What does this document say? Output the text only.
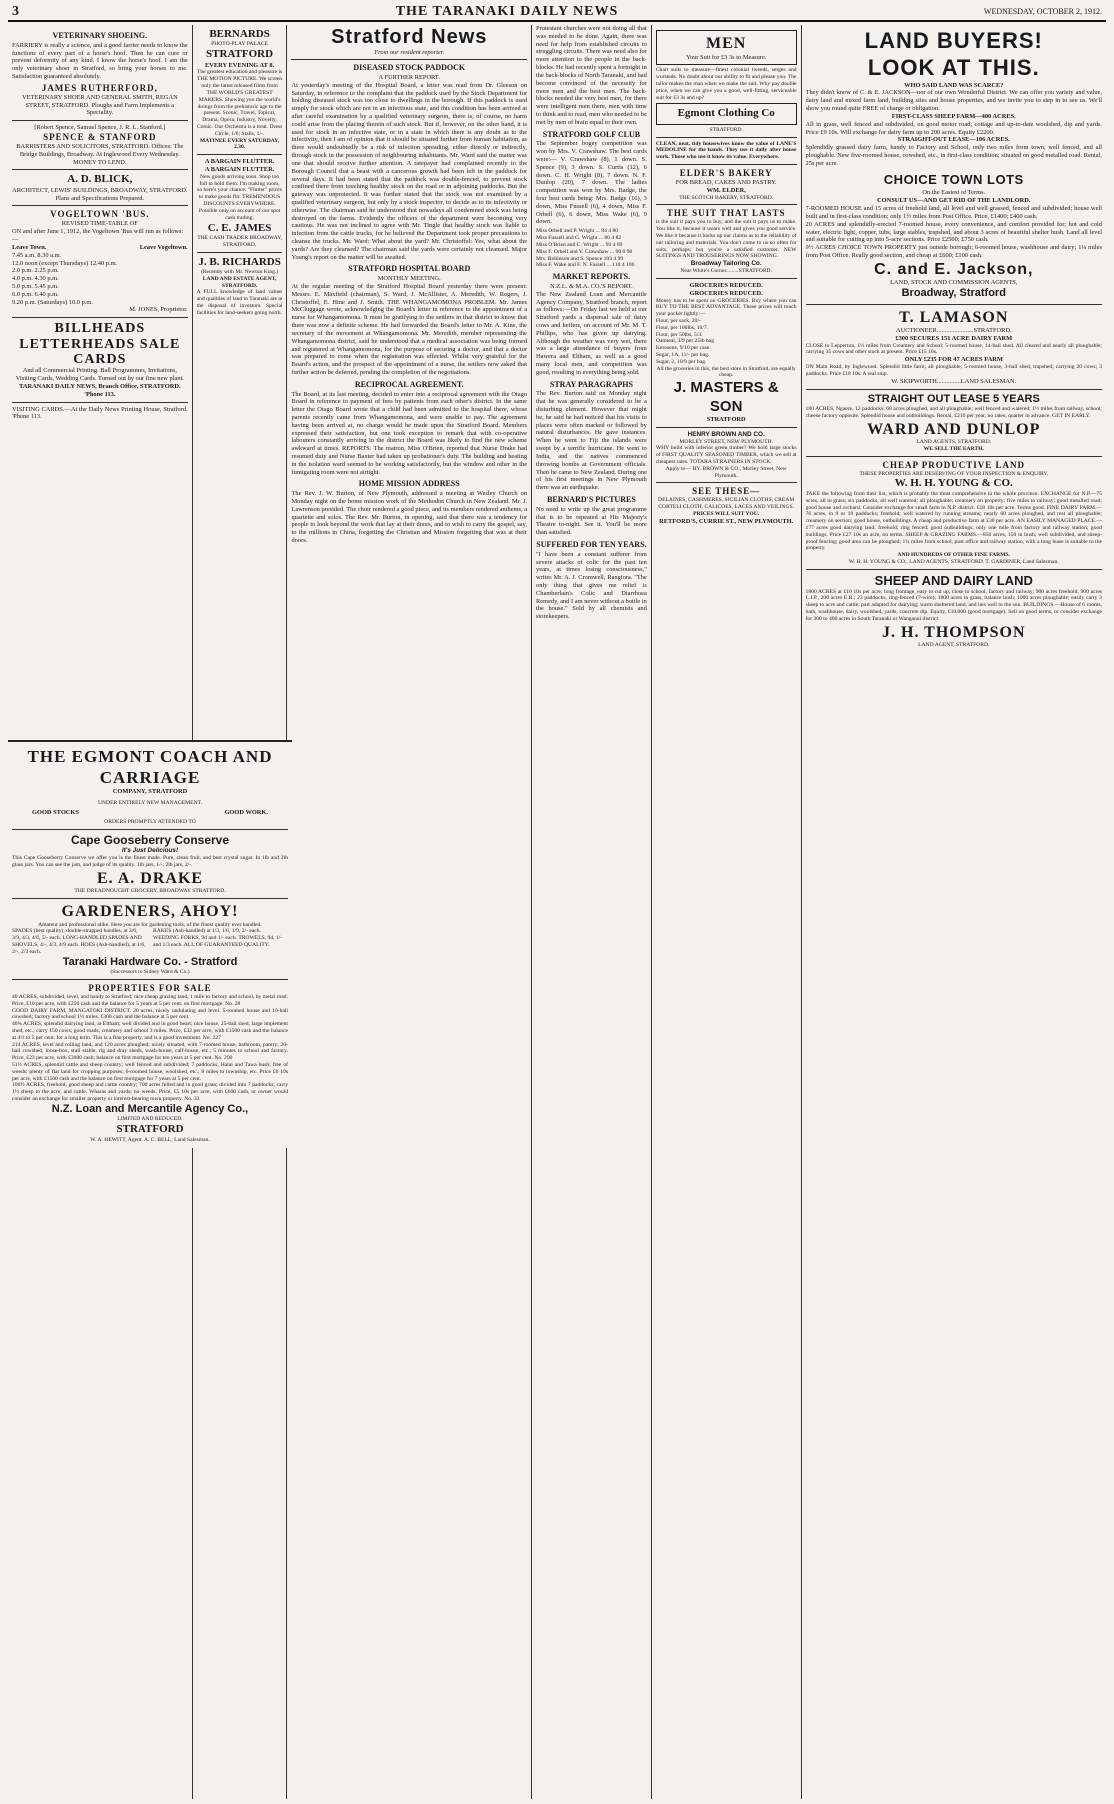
3	THE TARANAKI DAILY NEWS	WEDNESDAY, OCTOBER 2, 1912.
VETERINARY SHOEING.
FARRIERY is really a science, and a good farrier needs to know the functions of every part of a horse's hoof. Then he can cure or prevent deformity of any kind. I know the horse's hoof. I am the only veterinary shoer in Stratford, so bring your horses to me. Satisfaction guaranteed absolutely.
JAMES RUTHERFORD,
VETERINARY SHOER AND GENERAL SMITH, REGAN STREET, STRATFORD. Ploughs and Farm Implements a Speciality.
[Robert Spence, Samuel Spence, J. R. L. Stanford.]
SPENCE & STANFORD
BARRISTERS AND SOLICITORS, STRATFORD. Offices: The Bridge Buildings, Broadway. At Inglewood Every Wednesday. MONEY TO LEND.
A. D. BLICK,
ARCHITECT, LEWIS' BUILDINGS, BROADWAY, STRATFORD. Plans and Specifications Prepared.
VOGELTOWN 'BUS.
REVISED TIME-TABLE OF
ON and after June 1, 1912, the Vogeltown 'Bus will run as follows:—
Leave Town.	Leave Vogeltown.
7.45 a.m. 8.30 a.m.
12.0 noon (except Thursdays) 12.40 p.m.
2.0 p.m. 2.25 p.m.
4.0 p.m. 4.30 p.m.
5.0 p.m. 5.45 p.m.
6.0 p.m. 6.40 p.m.
9.20 p.m. (Saturdays) 10.0 p.m.
M. JONES, Proprietor.
BILLHEADS LETTERHEADS SALE CARDS
And all Commercial Printing. Ball Programmes, Invitations, Visiting Cards, Wedding Cards. Turned out by our fine new plant.
TARANAKI DAILY NEWS, Branch Office, STRATFORD. 'Phone 113.
VISITING CARDS.—At the Daily News Printing House, Stratford. 'Phone 113.
BERNARDS
PHOTO-PLAY PALACE
STRATFORD
EVERY EVENING AT 8.
The greatest education and pleasure is THE MOTION PICTURE. We screen only the latest released films from THE WORLD'S GREATEST MAKERS. Showing you the world's doings from the prehistoric age to the present. Scenic, Travel, Topical, Drama, Opera, Industry, Novelty, Comic. Our Orchestra is a treat. Dress Circle, 1/6; Stalls, 1/-.
MATINEE EVERY SATURDAY, 2.30.
A BARGAIN FLUTTER.
A BARGAIN FLUTTER.
New goods arriving soon. Shop too full to hold them. I'm making room, so here's your chance. "Flutter" prices to make goods flit. TREMENDOUS DISCOUNTS EVERYWHERE. Possible only on account of our spot cash trading.
C. E. JAMES
THE CASH TRADER BROADWAY, STRATFORD.
J. B. RICHARDS
(Recently with Mr. Newton King.)
LAND AND ESTATE AGENT, STRATFORD.
A FULL knowledge of land values and qualities of land in Taranaki are at the disposal of investors. Special facilities for land-seekers going north.
Stratford News
From our resident reporter.
DISEASED STOCK PADDOCK
A FURTHER REPORT.
At yesterday's meeting of the Hospital Board, a letter was read from Dr. Gleeson on Saturday, in reference to the complaint that the paddock used by the Stock Department for holding diseased stock was too close to dwellings in the borough. If this paddock is used simply for stock which are not in an infectious state, and this condition has been arrived at after careful examination by a qualified veterinary surgeon, there is, of course, no harm could arise from the placing therein of such stock. But if, however, on the other hand, it is used for stock in an infective state, or in a state in which there is any doubt as to the infectivity, then I am of opinion that it should be situated further from human habitation, as there would undoubtedly be a risk of infection spreading, either directly or indirectly, through stock in the possession of neighbouring inhabitants. Mr. Ward said the matter was one that should receive further attention. A ratepayer had complained recently to the Borough Council that a beast with a cancerous growth had been left in the paddock for several days. It had been stated that the paddock was double-fenced, to prevent stock confined there from touching healthy stock on the road or in adjoining paddocks. But the gateway was unprotected. It was further stated that the stock was not examined by a qualified veterinary surgeon, but only by a stock inspector, to decide as to its infectivity or otherwise. The chairman said he understood that nowadays all condemned stock was being destroyed on the farms. Evidently the officers of the department were becoming very cautious. He was not inclined to agree with Mr. Tingle that healthy stock was liable to infection from the cattle trucks, for he believed the Department took proper precautions to cleanse the trucks. Mr. Ward: What about the yard? Mr. Christoffel: Yes, what about the yards? Are they cleansed? The chairman said the yards were certainly not cleansed. Major Young's report on the matter will be awaited.
STRATFORD HOSPITAL BOARD
MONTHLY MEETING.
At the regular meeting of the Stratford Hospital Board yesterday there were present: Messrs. E. Maxfield (chairman), S. Ward, J. McAllister, A. Meredith, W. Rogers, J. Christoffel, E. Hine and J. Smith. THE WHANGAMOMONA PROBLEM. Mr. James McCluggage wrote, acknowledging the Board's letter in reference to the appointment of a nurse for Whangamomona. It must be gratifying to the settlers in that district to know that there was now a definite scheme. He had forwarded the Board's letter to Mr. A. Kine, the secretary of the movement at Whangamomona. Mr. Meredith, member representing the Whangamomona district, said he understood that a medical association was being formed and registered at Whangamomona, for the purpose of securing a doctor, and that a doctor was prepared to come when the registration was effected. Whilst very grateful for the Board's action, and the prospect of the appointment of a nurse, the settlers now asked that further action be deferred, pending the completion of the negotiations.
RECIPROCAL AGREEMENT.
The Board, at its last meeting, decided to enter into a reciprocal agreement with the Otago Board in reference to payment of fees by patients from each other's district. In the same letter the Otago Board wrote that a child had been admitted to the hospital there, whose parents recently came from Whangamomona, and were unable to pay. The agreement having been arrived at, no charge would be made upon the Stratford Board. Members expressed their satisfaction, but one took exception to remark that with co-operative labourers constantly arriving in the district the Board was likely to find the new scheme awkward at times. REPORTS. The matron, Miss O'Brien, reported that Nurse Drake had resumed duty and Nurse Baxter had taken up probationer's duty. The building and heating in the isolation ward seemed to be working satisfactorily, but the window and other in the fumigating room were not airtight.
HOME MISSION ADDRESS
The Rev. J. W. Burton, of New Plymouth, addressed a meeting at Wesley Church on Monday night on the home mission work of the Methodist Church in New Zealand. Mr. J. Lawrenson presided. The choir rendered a good piece, and its members rendered anthems, a quartette and solos. The Rev. Mr. Burton, in opening, said that there was a tendency for people to look beyond the work that lay at their doors, and to wish to carry the gospel, say, to the millions in China, forgetting the Christian and Mission forgetting that was at their doors.
Protestant churches were not doing all that was needed to be done. Again, there was need for help from established circuits to struggling circuits. There was need also for more attention to the people in the back-blocks. He had recently spent a fortnight in the back-blocks of North Taranaki, and had become convinced of the necessity for more men and the best men. The back-blocks needed the very best men, for there were intelligent men there, men with time to think and to read, men who needed to be met by men of brain equal to their own.
STRATFORD GOLF CLUB
The September bogey competition was won by Mrs. V. Crawshaw. The best cards were:— V. Crawshaw (8), 1 down. S. Spence (9), 3 down. S. Curtis (12), 6 down. C. H. Wright (8), 7 down. N. F. Dunlop (20), 7 down. The ladies competition was won by Mrs. Badge, the four best cards being: Mrs. Badge (16), 3 down, Miss Fussell (6), 4 down, Miss F. Orbell (6), 6 down, Miss Wake (6), 9 down.
Miss Orbell and P. Wright ... 84 4 80
Miss Fussell and G. Wright ... 86 4 82
Miss O'Brien and C. Wright ... 93 4 89
Miss F. Orbell and V. Crawshaw ... 90 0 90
Mrs. Robinson and S. Spence 103 4 99
Miss F. Wake and F. N. Fussell ... 110 4 106
MARKET REPORTS.
N.Z.L. & M.A. CO.'S REPORT.
The New Zealand Loan and Mercantile Agency Company, Stratford branch, report as follows:—On Friday last we held at our Stratford yards a dispersal sale of dairy cows and heifers, on account of Mr. M. T. Phillips, who has given up dairying. Although the weather was very wet, there was a large attendance of buyers from Hawera and Eltham, as well as a good many local men, and competition was good, resulting in everything being sold.
STRAY PARAGRAPHS
The Rev. Burton said on Monday night that he was generally considered to be a disturbing element. However that might be, he said he had noticed that his visits to places were often marked or followed by natural disturbances. He gave instances. When he went to Fiji the islands were swept by a terrific hurricane. He went to India, and the natives commenced throwing bombs at Government officials. Then he came to New Zealand. During one of his first meetings in New Plymouth there was an earthquake.
BERNARD'S PICTURES
No need to write up the great programme that is to be repeated at His Majesty's Theatre to-night. See it. You'll be more than satisfied.
SUFFERED FOR TEN YEARS.
"I have been a constant sufferer from severe attacks of colic for the past ten years, at times losing consciousness," writes Mr. A. J. Cromwell, Rangiora. "The only thing that gives me relief is Chamberlain's Colic and Diarrhoea Remedy, and I am never without a bottle in the house." Sold by all chemists and storekeepers.
MEN
Your Suit for £3 3s to Measure.
Chart suits to measure—finest colonial tweeds, serges and worsteds. No doubt about our ability to fit and please you. The tailor makes the man when we make the suit. Why pay double price, when we can give you a good, well-fitting, serviceable suit for £3 3s and up?
Egmont Clothing Co
STRATFORD.
CLEAN, neat, tidy housewives know the value of LANE'S MEDOLINE for the hands. They use it daily after house work. Those who use it know its value. Everywhere.
ELDER'S BAKERY
FOR BREAD, CAKES AND PASTRY.
WM. ELDER,
THE SCOTCH BAKERY, STRATFORD.
THE SUIT THAT LASTS
is the suit it pays you to buy, and the suit it pays us to make. You like it, because it wears well and gives you good service. We like it because it backs up our claims as to the reliability of our tailoring and materials. You don't come to us so often for suits, perhaps; but you're a satisfied customer. NEW SUITINGS AND TROUSERINGS NOW SHOWING.
Broadway Tailoring Co.
Near White's Corner.........STRATFORD.
GROCERIES REDUCED.
GROCERIES REDUCED.
Money has to be spent on GROCERIES. Buy where you can BUY TO THE BEST ADVANTAGE. These prices will touch your pocket lightly:—
Flour, per sack, 20/-
Flour, per 100lbs, 10/7.
Flour, per 50lbs, 5/3.
Oatmeal, 3/9 per 25lb bag
Kerosene, 9/10 per case.
Sugar, 1A, 11/- per bag.
Sugar, 2, 10/9 per bag.
All the groceries in this, the best store in Stratford, are equally cheap.
J. MASTERS & SON
STRATFORD
HENRY BROWN AND CO.
MORLEY STREET, NEW PLYMOUTH.
WHY build with inferior green timber? We hold large stocks of FIRST QUALITY SEASONED TIMBER, which we sell at cheapest rates. TOTARA STRAINERS IN STOCK.
Apply to— HY. BROWN & CO., Morley Street, New Plymouth.
SEE THESE—
DELAINES, CASHMERES, SICILIAN CLOTHS, CREAM CORTELI CLOTH, CALICOES, LACES AND VEILINGS.
PRICES WILL SUIT YOU.
RETFORD'S, CURRIE ST., NEW PLYMOUTH.
LAND BUYERS!
LOOK AT THIS.
WHO SAID LAND WAS SCARCE?
They didn't know of C. & E. JACKSON—nor of our own Wonderful District. We can offer you variety and value, dairy land and mixed farm land, building sites and house properties, and we invite you to step in to see us. We'll show you round quite FREE of charge or obligation.
FIRST-CLASS SHEEP FARM—400 ACRES.
All in grass, well fenced and subdivided, on good motor road; cottage and up-to-date woolshed, dip and yards. Price £9 10s. Will exchange for dairy farm up to 200 acres. Equity £2200.
STRAIGHT-OUT LEASE—106 ACRES.
Splendidly grassed dairy farm, handy to Factory and School, only two miles from town, well fenced, and all ploughable. New five-roomed house, cowshed, etc., in first-class condition; situated on good metalled road. Rental, 25s per acre.
CHOICE TOWN LOTS
On the Easiest of Terms.
CONSULT US—AND GET RID OF THE LANDLORD.
7-ROOMED HOUSE and 15 acres of freehold land, all level and well grassed, fenced and subdivided; house well built and in first-class condition; only 1½ miles from Post Office. Price, £1400; £400 cash.
20 ACRES and splendidly-erected 7-roomed house, every convenience, and comfort provided for; hot and cold water, electric light, copper, tubs, large stables, trapshed, and about 3 acres of beautiful shelter bush. Land all level and suitable for cutting up into 5-acre sections. Price £2500; £750 cash.
9½ ACRES CHOICE TOWN PROPERTY just outside borough; 6-roomed house, washhouse and dairy; 1¼ miles from Post Office. Really good section, and cheap at £600; £100 cash.
C. and E. Jackson,
LAND, STOCK AND COMMISSION AGENTS,
Broadway, Stratford
T. LAMASON
AUCTIONEER.......................STRATFORD.
£300 SECURES 151 ACRE DAIRY FARM
CLOSE to Lepperton, 1½ miles from Creamery and School; 5-roomed house, 14-bail shed. All cleared and nearly all ploughable; carrying 35 cows and other stock at present. Price £15 10s.
ONLY £235 FOR 47 ACRES FARM
ON Main Road, by Inglewood. Splendid little farm; all ploughable; 5-roomed house, 3-bail shed, trapshed; carrying 20 cows; 3 paddocks. Price £18 10s. A real snip.
W. SKIPWORTH...............LAND SALESMAN.
STRAIGHT OUT LEASE 5 YEARS
180 ACRES, Ngaere, 12 paddocks; 60 acres ploughed, and all ploughable; well fenced and watered; 1½ miles from railway, school; cheese factory opposite. Splendid house and outbuildings. Rental, £210 per year, no rates; quarter in advance. GET IN EARLY.
WARD AND DUNLOP
LAND AGENTS, STRATFORD.
WE SELL THE EARTH.
CHEAP PRODUCTIVE LAND
THESE PROPERTIES ARE DESERVING OF YOUR INSPECTION & ENQUIRY.
W. H. H. YOUNG & CO.
TAKE the following from their list, which is probably the most comprehensive in the whole province. EXCHANGE for N.P.—75 acres, all in grass; six paddocks, all well watered; all ploughable; creamery on property; five miles to railway; good metalled road; good house and orchard. Consider exchange for small farm in N.P. district. £18 10s per acre. Terms good. FINE DAIRY FARM.—76 acres, in 9 or 10 paddocks; freehold; well watered by running streams; nearly 60 acres ploughed, and rest all ploughable; creamery on section; good house, outbuildings. A cheap and productive farm at £30 per acre. AN EASILY MANAGED PLACE.—177 acres good dairying land; freehold; ring fenced; good outbuildings; only one mile from factory and railway station; good buildings. Price £27 10s an acre, on terms. SHEEP & GRAZING FARMS.—850 acres, 150 in bush; well subdivided, and sheep-proof fencing; good area can be ploughed; 1¼ miles from school, post office and railway station, with a long lease is suitable to the property.
AND HUNDREDS OF OTHER FINE FARMS.
W. H. H. YOUNG & CO., LAND AGENTS, STRATFORD. T. GARDINER, Land Salesman.
SHEEP AND DAIRY LAND
1800 ACRES at £10 10s per acre; long frontage, easy to cut up, close to school, factory and railway; 900 acres freehold, 900 acres L.I.P., 200 acres E.R.; 23 paddocks, ring-fenced (7-wire); 1000 acres in grass, balance bush; 1000 acres ploughable; easily carry 3 sheep to acre and cattle; part adapted for dairying; warm sheltered land, and lies well to the sun. BUILDINGS.—House of 6 rooms, bath, washhouse, dairy, woolshed, yards, concrete dip. Equity, £10,000 (good mortgage). Sell on good terms, or consider exchange for 300 to 400 acres in South Taranaki or Wanganui district.
J. H. THOMPSON
LAND AGENT, STRATFORD.
THE EGMONT COACH AND CARRIAGE
COMPANY, STRATFORD
UNDER ENTIRELY NEW MANAGEMENT.
GOOD STOCKS	GOOD WORK.
ORDERS PROMPTLY ATTENDED TO
Cape Gooseberry Conserve
It's Just Delicious!
This Cape Gooseberry Conserve we offer you is the finest made. Pure, clean fruit, and best crystal sugar. In 1lb and 2lb glass jars. You can see the jam, and judge of its quality. 1lb jars, 1/-; 2lb jars, 2/-.
E. A. DRAKE
THE DREADNOUGHT GROCERY, BROADWAY STRATFORD.
GARDENERS, AHOY!
Amateur and professional alike. Here you are for gardening tools, of the finest quality ever handled.
SPADES (best quality), double-strapped handles, at 3/6, 3/9, 4/3, 4/6, 5/- each. LONG-HANDLED SPADES AND SHOVELS, 4/-, 4/3, 4/9 each. HOES (Ash-handled), at 1/6, 2/-, 2/3 each.
RAKES (Ash-handled) at 1/3, 1/6, 1/9, 2/- each. WEEDING FORKS, 9d and 1/- each. TROWELS, 9d, 1/- and 1/3 each. ALL OF GUARANTEED QUALITY.
Taranaki Hardware Co. - Stratford
(Successors to Sidney Ward & Co.)
PROPERTIES FOR SALE
40 ACRES, subdivided, level, and handy to Stratford; nice cheap grazing land, 1 mile to factory and school, by metal road. Price, £10 per acre, with £250 cash and the balance for 5 years at 5 per cent. on first mortgage. No. 28
GOOD DAIRY FARM, MANGATOKI DISTRICT. 20 acres, nicely undulating and level. 5-roomed house and 10-bail cowshed; factory and school 1½ miles. £300 cash and the balance at 5 per cent.
40¾ ACRES, splendid dairying land, at Eltham; well divided and in good heart; nice house, 25-bail shed, large implement shed, etc.; carry 150 cows; good roads; creamery and school 3 miles. Price, £32 per acre, with £1500 cash and the balance at 4½ to 5 per cent. for a long term. This is a fine property, and is a good investment. No. 227
214 ACRES, level and rolling land, and 120 acres ploughed; nicely situated, with 7-roomed house, bathroom, pantry; 20-bail cowshed, loose-box, stall stable, rig and dray sheds, wash-house, calf-house, etc.; 5 minutes to school and factory. Price, £23 per acre, with £3000 cash; balance on first mortgage for ten years at 5 per cent. No. 290
51½ ACRES, splendid cattle and sheep country; well fenced and subdivided; 7 paddocks, Hatai and Tawa bush; free of weeds; plenty of flat land for cropping purposes; 6-roomed house, woolshed, etc.; 8 miles to township, etc. Price £6 10s per acre, with £1500 cash and the balance on first mortgage for 7 years at 5 per cent.
100½ ACRES, freehold, good sheep and cattle country; 700 acres felled and in good grass; divided into 7 paddocks; carry 1½ sheep to the acre, and cattle. Wharas and yards; no weeds. Price, £5 10s per acre, with £600 cash, or owner would consider an exchange for smaller property or interest-bearing town property. No. 33
N.Z. Loan and Mercantile Agency Co.,
LIMITED AND REDUCED.
STRATFORD
W. A. HEWITT, Agent. A. C. BELL, Land Salesman.
